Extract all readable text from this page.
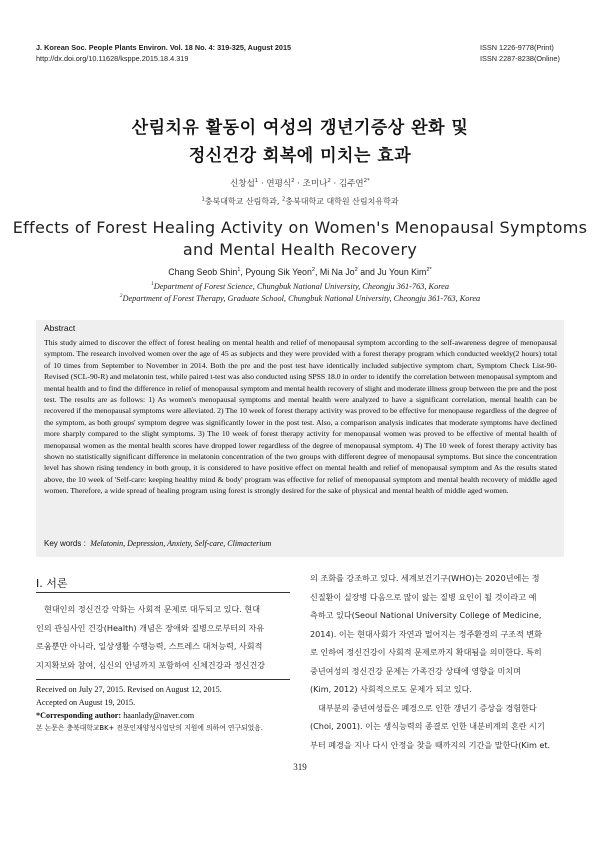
J. Korean Soc. People Plants Environ. Vol. 18 No. 4: 319-325, August 2015
http://dx.doi.org/10.11628/ksppe.2015.18.4.319
ISSN 1226-9778(Print)
ISSN 2287-8238(Online)
산림치유 활동이 여성의 갱년기증상 완화 및
정신건강 회복에 미치는 효과
신창섭$^1$ · 연평식$^2$ · 조미나$^2$ · 김주연$^{2*}$
$^1$충북대학교 산림학과, $^2$충북대학교 대학원 산림치유학과
Effects of Forest Healing Activity on Women's Menopausal Symptoms
and Mental Health Recovery
Chang Seob Shin$^1$, Pyoung Sik Yeon$^2$, Mi Na Jo$^2$ and Ju Youn Kim$^{2*}$
$^1$Department of Forest Science, Chungbuk National University, Cheongju 361-763, Korea
$^2$Department of Forest Therapy, Graduate School, Chungbuk National University, Cheongju 361-763, Korea
Abstract
This study aimed to discover the effect of forest healing on mental health and relief of menopausal symptom according to the self-awareness degree of menopausal symptom. The research involved women over the age of 45 as subjects and they were provided with a forest therapy program which conducted weekly(2 hours) total of 10 times from September to November in 2014. Both the pre and the post test have identically included subjective symptom chart, Symptom Check List-90-Revised (SCL-90-R) and melatonin test, while paired t-test was also conducted using SPSS 18.0 in order to identify the correlation between menopausal symptom and mental health and to find the difference in relief of menopausal symptom and mental health recovery of slight and moderate illness group between the pre and the post test. The results are as follows: 1) As women's menopausal symptoms and mental health were analyzed to have a significant correlation, mental health can be recovered if the menopausal symptoms were alleviated. 2) The 10 week of forest therapy activity was proved to be effective for menopause regardless of the degree of the symptom, as both groups' symptom degree was significantly lower in the post test. Also, a comparison analysis indicates that moderate symptoms have declined more sharply compared to the slight symptoms. 3) The 10 week of forest therapy activity for menopausal women was proved to be effective of mental health of menopausal women as the mental health scores have dropped lower regardless of the degree of menopausal symptom. 4) The 10 week of forest therapy activity has shown no statistically significant difference in melatonin concentration of the two groups with different degree of menopausal symptoms. But since the concentration level has shown rising tendency in both group, it is considered to have positive effect on mental health and relief of menopausal symptom and As the results stated above, the 10 week of 'Self-care: keeping healthy mind & body' program was effective for relief of menopausal symptom and mental health recovery of middle aged women. Therefore, a wide spread of healing program using forest is strongly desired for the sake of physical and mental health of middle aged women.
Key words : Melatonin, Depression, Anxiety, Self-care, Climacterium
Ⅰ. 서론
현대인의 정신건강 악화는 사회적 문제로 대두되고 있다. 현대
인의 관심사인 건강(Health) 개념은 장애와 질병으로부터의 자유
로움뿐만 아니라, 일상생활 수행능력, 스트레스 대처능력, 사회적
지지확보와 참여, 심신의 안녕까지 포함하여 신체건강과 정신건강
Received on July 27, 2015. Revised on August 12, 2015.
Accepted on August 19, 2015.
*Corresponding author: haanlady@naver.com
본 논문은 충북대학교BK+ 전문인재양성사업단의 지원에 의하여 연구되었음.
의 조화를 강조하고 있다. 세계보건기구(WHO)는 2020년에는 정
신질환이 실장병 다음으로 많이 앓는 질병 요인이 될 것이라고 예
측하고 있다(Seoul National University College of Medicine,
2014). 이는 현대사회가 자연과 멀어지는 정주환경의 구조적 변화
로 인하여 정신건강이 사회적 문제로까지 확대됨을 의미한다. 특히
중년여성의 정신건강 문제는 가족건강 상태에 영향을 미치며
(Kim, 2012) 사회적으로도 문제가 되고 있다.
대부분의 중년여성들은 폐경으로 인한 갱년기 증상을 경험한다
(Choi, 2001). 이는 생식능력의 종결로 인한 내분비계의 혼란 시기
부터 폐경을 지나 다시 안정을 찾을 때까지의 기간을 말한다(Kim et.
319
